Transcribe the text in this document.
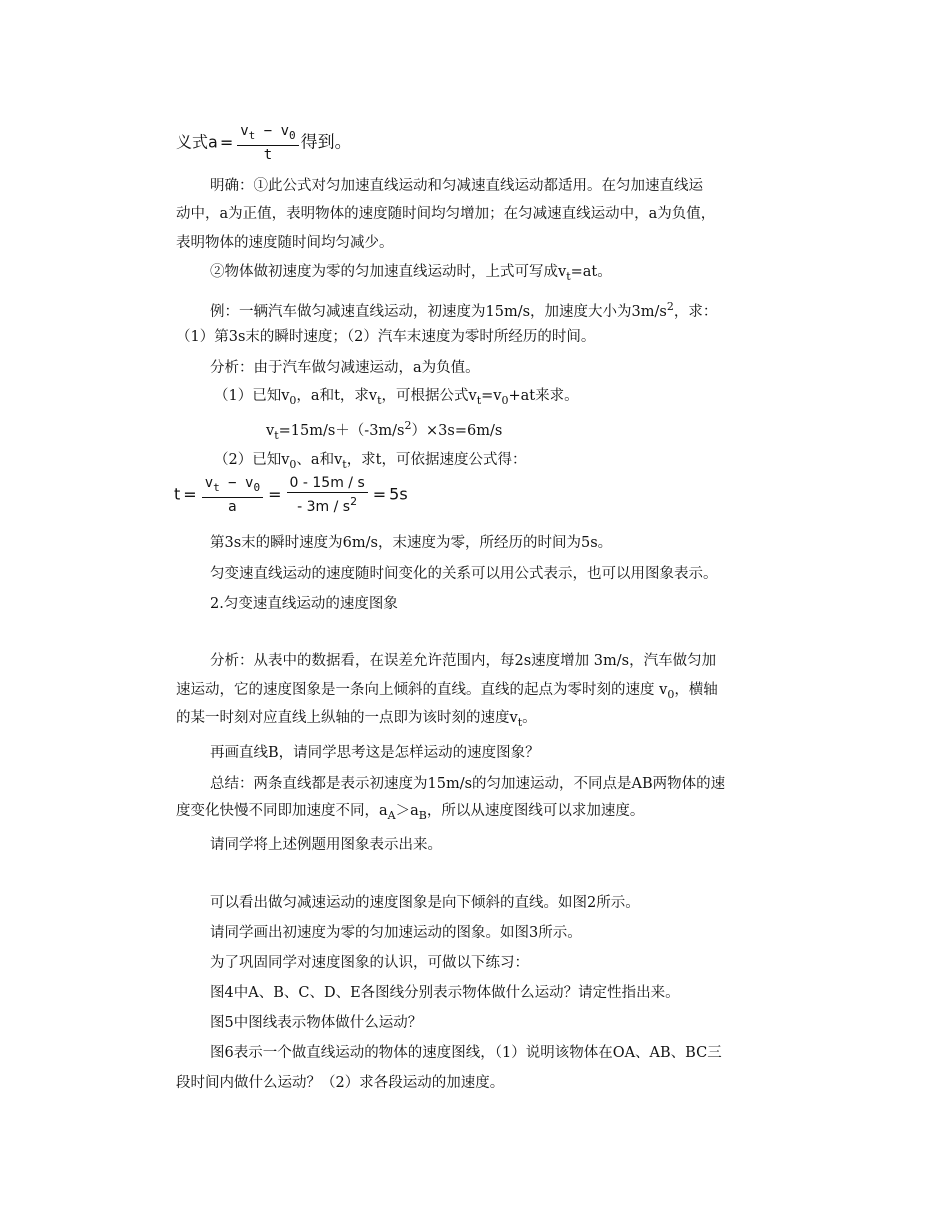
义式$a = \frac{v_t - v_0}{t}$ 得到。
明确：①此公式对匀加速直线运动和匀减速直线运动都适用。在匀加速直线运
动中，a为正值，表明物体的速度随时间均匀增加；在匀减速直线运动中，a为负值，
表明物体的速度随时间均匀减少。
②物体做初速度为零的匀加速直线运动时，上式可写成$v_t=at$。
例：一辆汽车做匀减速直线运动，初速度为15m/s，加速度大小为$3m/s^2$，求：
（1）第3s末的瞬时速度；（2）汽车末速度为零时所经历的时间。
分析：由于汽车做匀减速运动，a为负值。
（1）已知$v_0$，a和t，求$v_t$，可根据公式$v_t=v_0+at$来求。
$v_t=15m/s+(-3m/s^2)\times 3s=6m/s$
（2）已知$v_0$、a和$v_t$，求t，可依据速度公式得：
$t = \frac{v_t - v_0}{a} = \frac{0 - 15m / s}{- 3m / s^2} = 5s$
第3s末的瞬时速度为6m/s，末速度为零，所经历的时间为5s。
匀变速直线运动的速度随时间变化的关系可以用公式表示，也可以用图象表示。
2.匀变速直线运动的速度图象
分析：从表中的数据看，在误差允许范围内，每2s速度增加 3m/s，汽车做匀加
速运动，它的速度图象是一条向上倾斜的直线。直线的起点为零时刻的速度 $v_0$，横轴
的某一时刻对应直线上纵轴的一点即为该时刻的速度$v_t$。
再画直线B，请同学思考这是怎样运动的速度图象？
总结：两条直线都是表示初速度为15m/s的匀加速运动，不同点是AB两物体的速
度变化快慢不同即加速度不同，$a_A>a_B$，所以从速度图线可以求加速度。
请同学将上述例题用图象表示出来。
可以看出做匀减速运动的速度图象是向下倾斜的直线。如图2所示。
请同学画出初速度为零的匀加速运动的图象。如图3所示。
为了巩固同学对速度图象的认识，可做以下练习：
图4中A、B、C、D、E各图线分别表示物体做什么运动？请定性指出来。
图5中图线表示物体做什么运动？
图6表示一个做直线运动的物体的速度图线，（1）说明该物体在OA、AB、BC三
段时间内做什么运动？（2）求各段运动的加速度。
